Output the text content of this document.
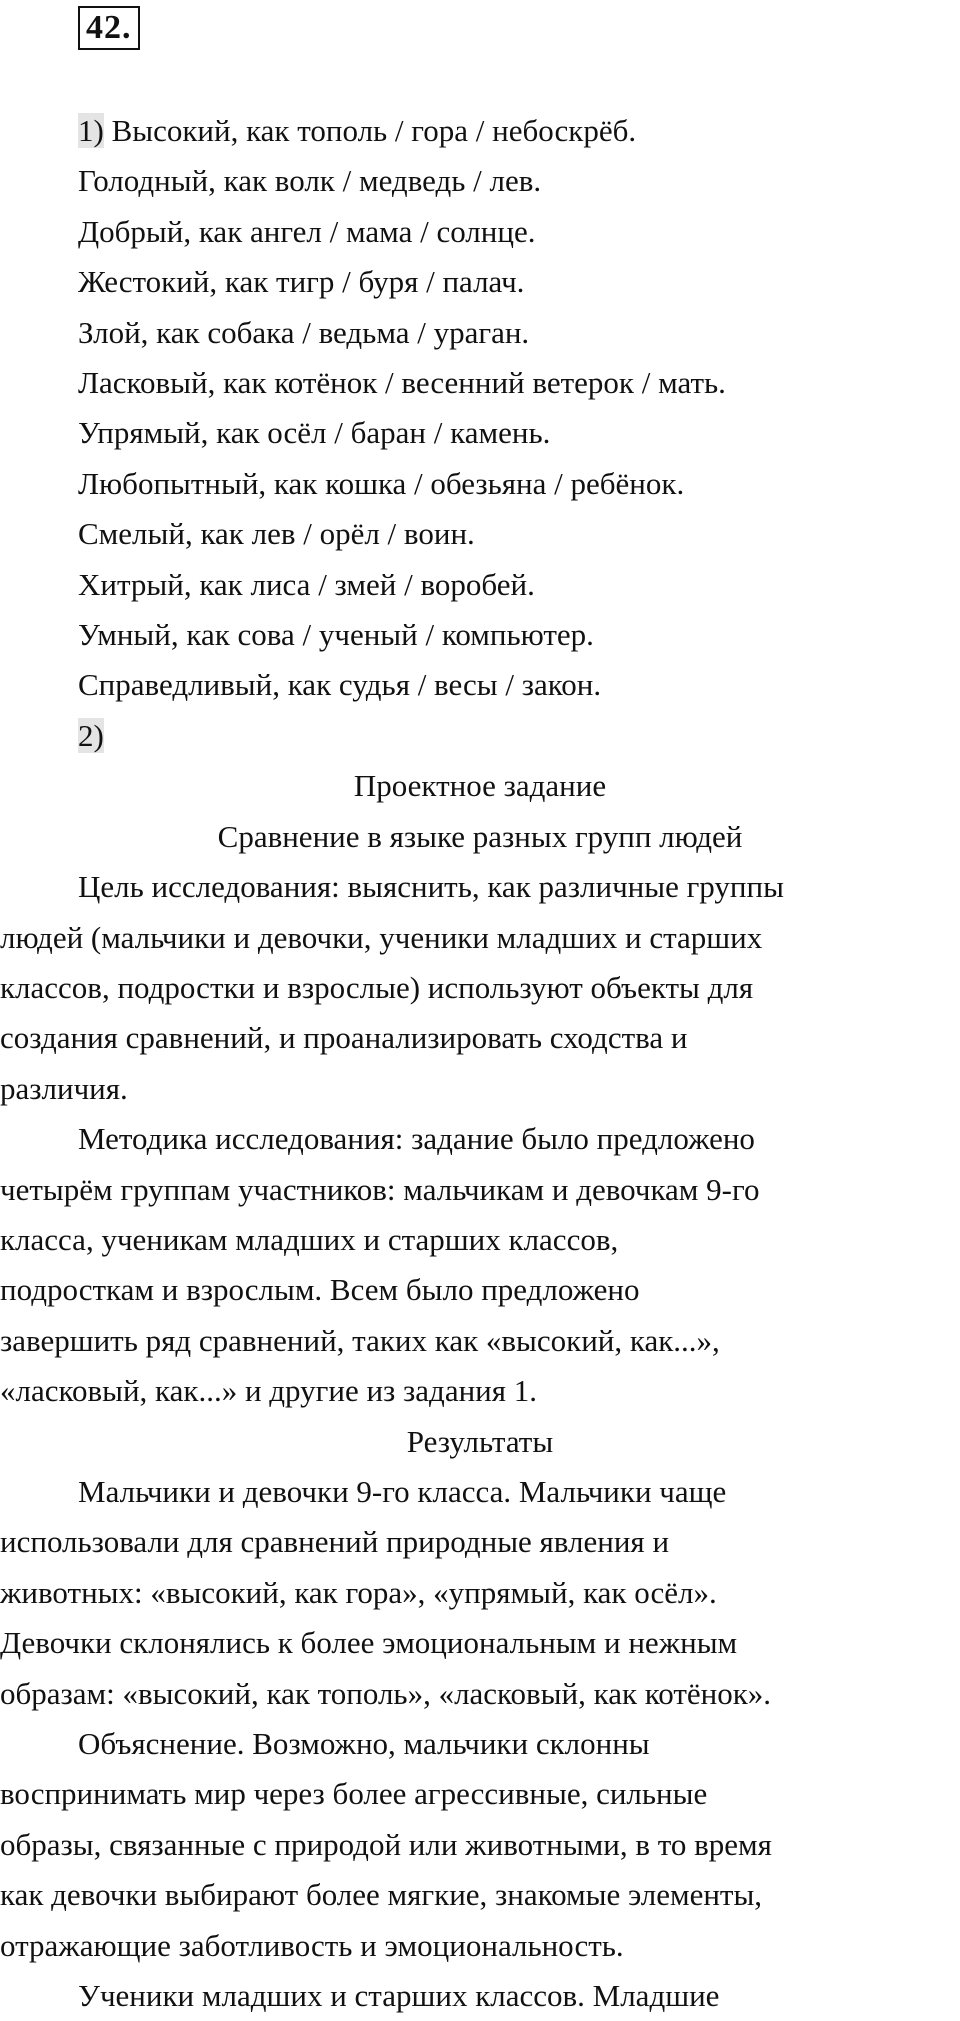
42.
1) Высокий, как тополь / гора / небоскрёб.
Голодный, как волк / медведь / лев.
Добрый, как ангел / мама / солнце.
Жестокий, как тигр / буря / палач.
Злой, как собака / ведьма / ураган.
Ласковый, как котёнок / весенний ветерок / мать.
Упрямый, как осёл / баран / камень.
Любопытный, как кошка / обезьяна / ребёнок.
Смелый, как лев / орёл / воин.
Хитрый, как лиса / змей / воробей.
Умный, как сова / ученый / компьютер.
Справедливый, как судья / весы / закон.
2)
Проектное задание
Сравнение в языке разных групп людей
Цель исследования: выяснить, как различные группы
людей (мальчики и девочки, ученики младших и старших
классов, подростки и взрослые) используют объекты для
создания сравнений, и проанализировать сходства и
различия.
Методика исследования: задание было предложено
четырём группам участников: мальчикам и девочкам 9-го
класса, ученикам младших и старших классов,
подросткам и взрослым. Всем было предложено
завершить ряд сравнений, таких как «высокий, как...»,
«ласковый, как...» и другие из задания 1.
Результаты
Мальчики и девочки 9-го класса. Мальчики чаще
использовали для сравнений природные явления и
животных: «высокий, как гора», «упрямый, как осёл».
Девочки склонялись к более эмоциональным и нежным
образам: «высокий, как тополь», «ласковый, как котёнок».
Объяснение. Возможно, мальчики склонны
воспринимать мир через более агрессивные, сильные
образы, связанные с природой или животными, в то время
как девочки выбирают более мягкие, знакомые элементы,
отражающие заботливость и эмоциональность.
Ученики младших и старших классов. Младшие
